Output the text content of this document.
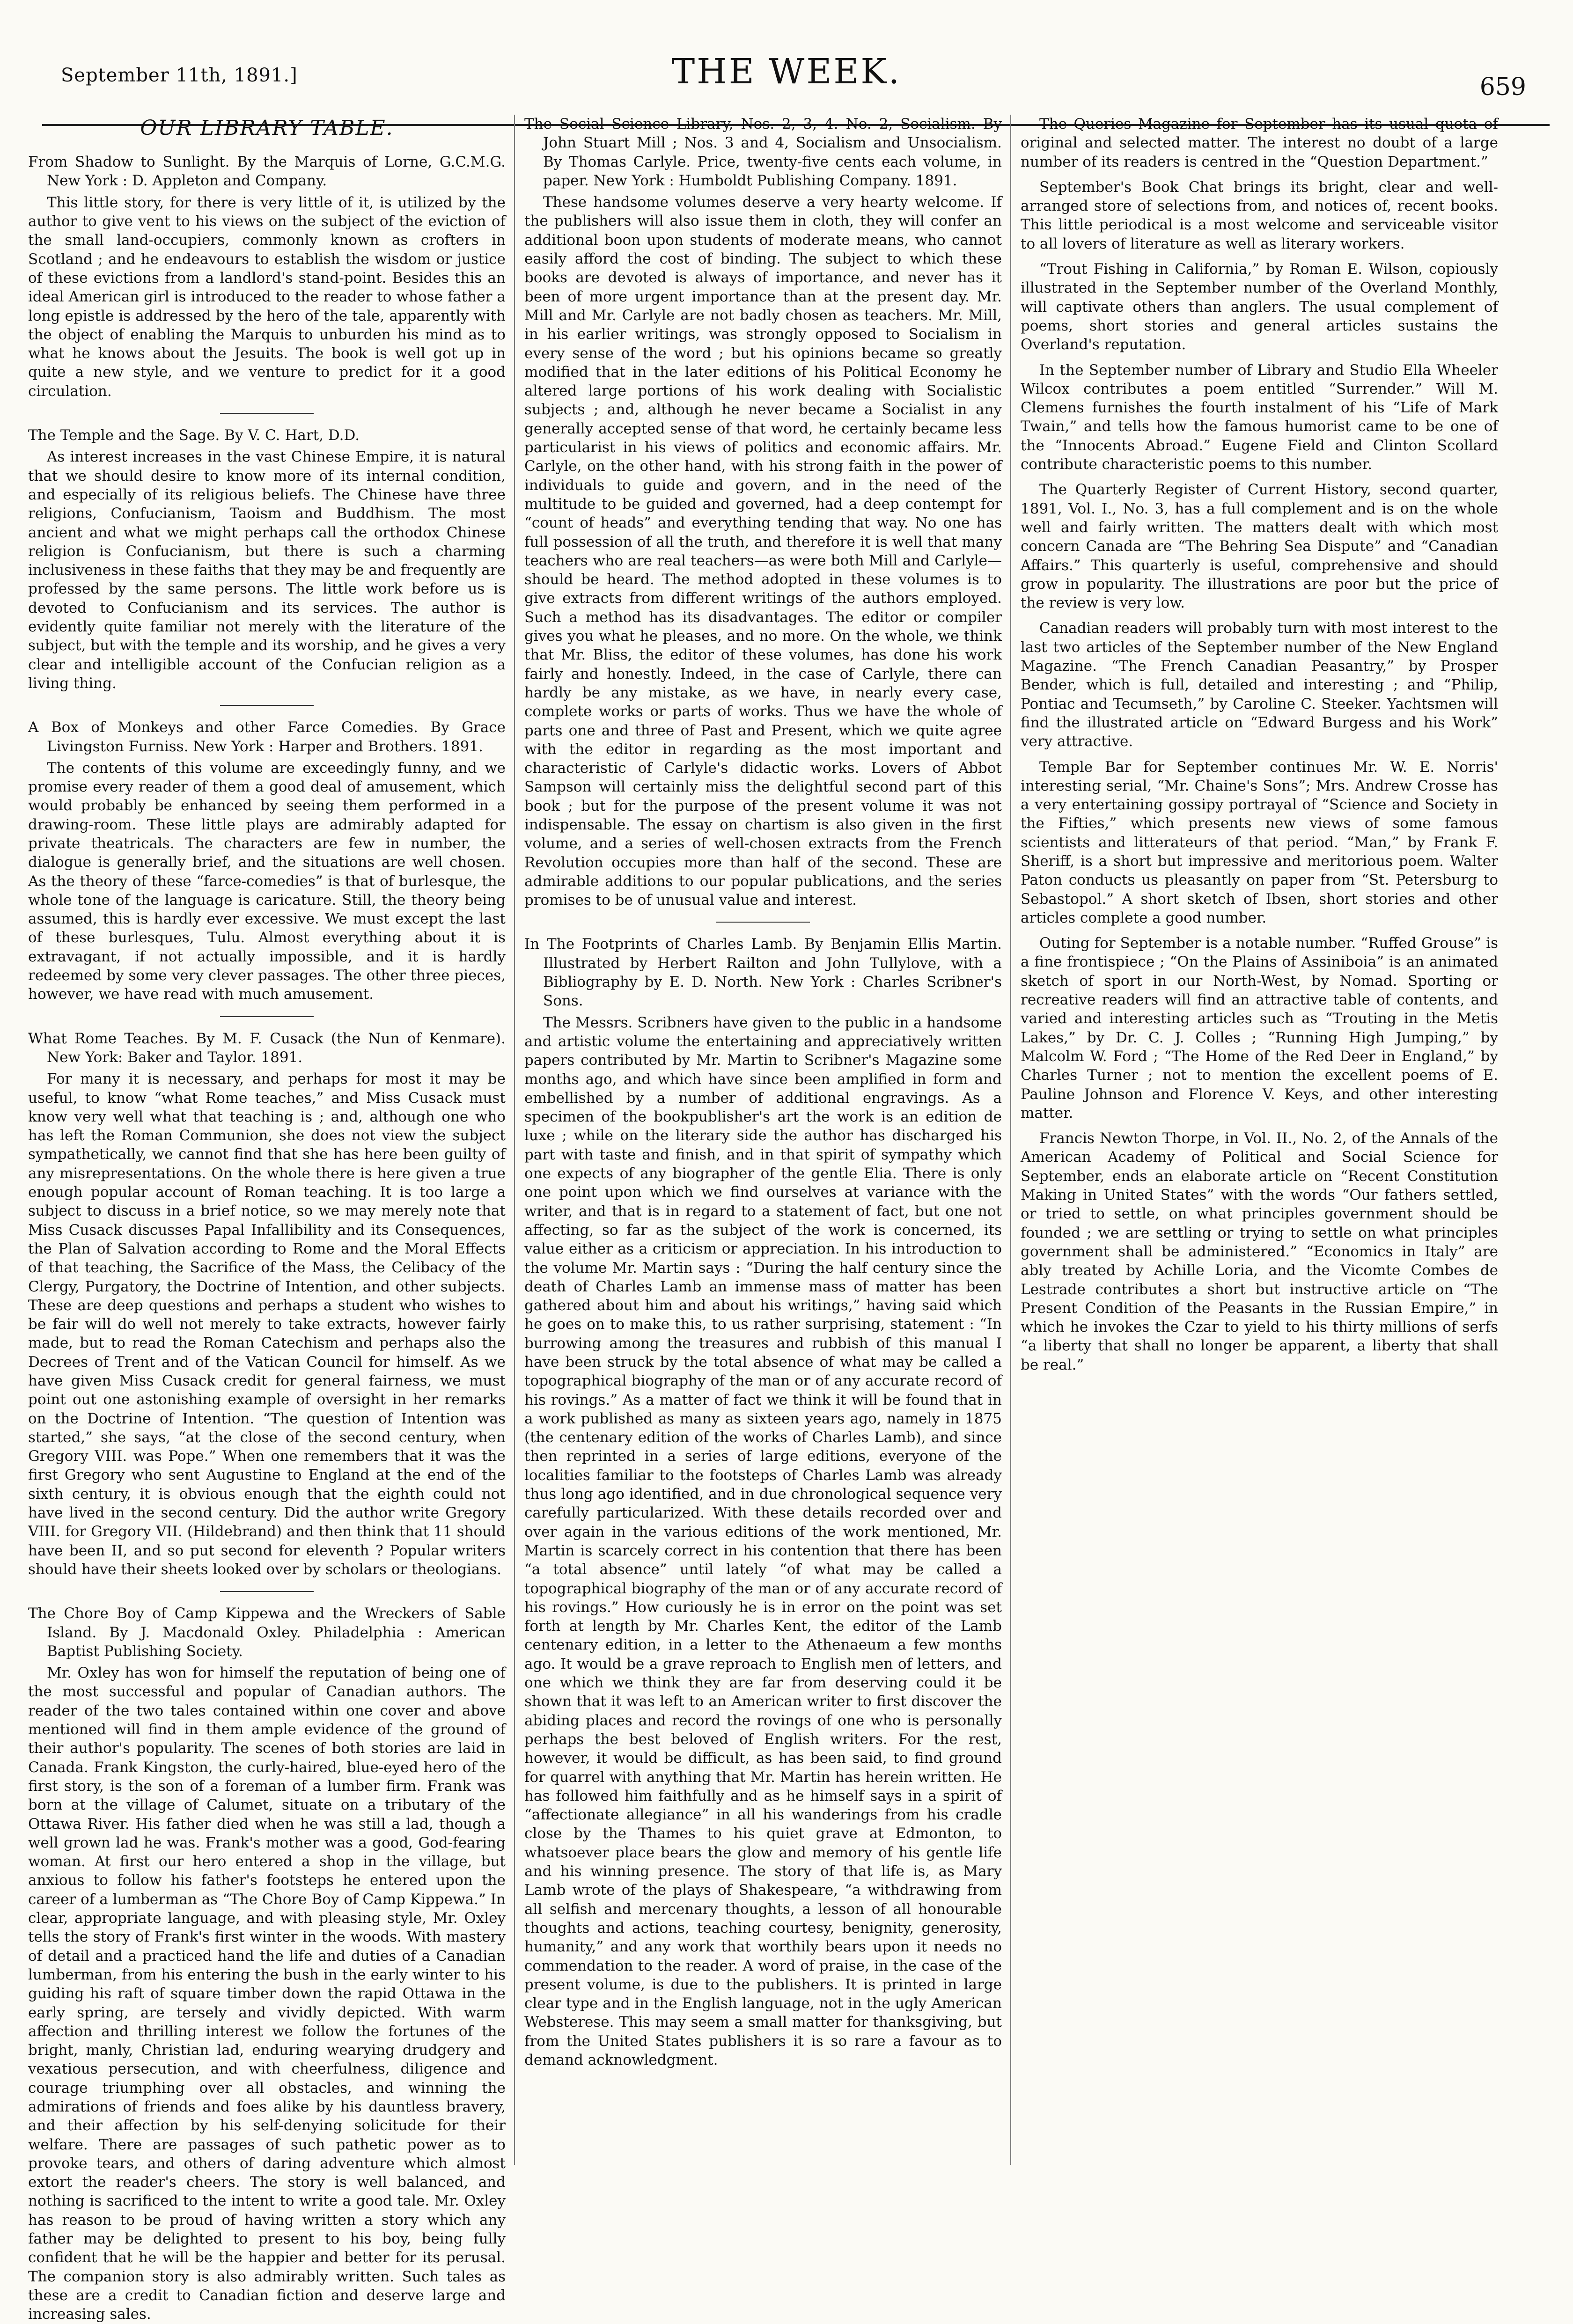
September 11th, 1891.]	THE WEEK.	659
OUR LIBRARY TABLE.

From Shadow to Sunlight. By the Marquis of Lorne, G.C.M.G. New York : D. Appleton and Company.

This little story, for there is very little of it, is utilized by the author to give vent to his views on the subject of the eviction of the small land-occupiers, commonly known as crofters in Scotland ; and he endeavours to establish the wisdom or justice of these evictions from a landlord's stand-point. Besides this an ideal American girl is introduced to the reader to whose father a long epistle is addressed by the hero of the tale, apparently with the object of enabling the Marquis to unburden his mind as to what he knows about the Jesuits. The book is well got up in quite a new style, and we venture to predict for it a good circulation.

The Temple and the Sage. By V. C. Hart, D.D.

As interest increases in the vast Chinese Empire, it is natural that we should desire to know more of its internal condition, and especially of its religious beliefs. The Chinese have three religions, Confucianism, Taoism and Buddhism. The most ancient and what we might perhaps call the orthodox Chinese religion is Confucianism, but there is such a charming inclusiveness in these faiths that they may be and frequently are professed by the same persons. The little work before us is devoted to Confucianism and its services. The author is evidently quite familiar not merely with the literature of the subject, but with the temple and its worship, and he gives a very clear and intelligible account of the Confucian religion as a living thing.

A Box of Monkeys and other Farce Comedies. By Grace Livingston Furniss. New York : Harper and Brothers. 1891.

The contents of this volume are exceedingly funny, and we promise every reader of them a good deal of amusement, which would probably be enhanced by seeing them performed in a drawing-room. These little plays are admirably adapted for private theatricals. The characters are few in number, the dialogue is generally brief, and the situations are well chosen. As the theory of these “farce-comedies” is that of burlesque, the whole tone of the language is caricature. Still, the theory being assumed, this is hardly ever excessive. We must except the last of these burlesques, Tulu. Almost everything about it is extravagant, if not actually impossible, and it is hardly redeemed by some very clever passages. The other three pieces, however, we have read with much amusement.

What Rome Teaches. By M. F. Cusack (the Nun of Kenmare). New York: Baker and Taylor. 1891.

For many it is necessary, and perhaps for most it may be useful, to know “what Rome teaches,” and Miss Cusack must know very well what that teaching is ; and, although one who has left the Roman Communion, she does not view the subject sympathetically, we cannot find that she has here been guilty of any misrepresentations. On the whole there is here given a true enough popular account of Roman teaching. It is too large a subject to discuss in a brief notice, so we may merely note that Miss Cusack discusses Papal Infallibility and its Consequences, the Plan of Salvation according to Rome and the Moral Effects of that teaching, the Sacrifice of the Mass, the Celibacy of the Clergy, Purgatory, the Doctrine of Intention, and other subjects. These are deep questions and perhaps a student who wishes to be fair will do well not merely to take extracts, however fairly made, but to read the Roman Catechism and perhaps also the Decrees of Trent and of the Vatican Council for himself. As we have given Miss Cusack credit for general fairness, we must point out one astonishing example of oversight in her remarks on the Doctrine of Intention. “The question of Intention was started,” she says, “at the close of the second century, when Gregory VIII. was Pope.” When one remembers that it was the first Gregory who sent Augustine to England at the end of the sixth century, it is obvious enough that the eighth could not have lived in the second century. Did the author write Gregory VIII. for Gregory VII. (Hildebrand) and then think that 11 should have been II, and so put second for eleventh ? Popular writers should have their sheets looked over by scholars or theologians.

The Chore Boy of Camp Kippewa and the Wreckers of Sable Island. By J. Macdonald Oxley. Philadelphia : American Baptist Publishing Society.

Mr. Oxley has won for himself the reputation of being one of the most successful and popular of Canadian authors. The reader of the two tales contained within one cover and above mentioned will find in them ample evidence of the ground of their author's popularity. The scenes of both stories are laid in Canada. Frank Kingston, the curly-haired, blue-eyed hero of the first story, is the son of a foreman of a lumber firm. Frank was born at the village of Calumet, situate on a tributary of the Ottawa River. His father died when he was still a lad, though a well grown lad he was. Frank's mother was a good, God-fearing woman. At first our hero entered a shop in the village, but anxious to follow his father's footsteps he entered upon the career of a lumberman as “The Chore Boy of Camp Kippewa.” In clear, appropriate language, and with pleasing style, Mr. Oxley tells the story of Frank's first winter in the woods. With mastery of detail and a practiced hand the life and duties of a Canadian lumberman, from his entering the bush in the early winter to his guiding his raft of square timber down the rapid Ottawa in the early spring, are tersely and vividly depicted. With warm affection and thrilling interest we follow the fortunes of the bright, manly, Christian lad, enduring wearying drudgery and vexatious persecution, and with cheerfulness, diligence and courage triumphing over all obstacles, and winning the admirations of friends and foes alike by his dauntless bravery, and their affection by his self-denying solicitude for their welfare. There are passages of such pathetic power as to provoke tears, and others of daring adventure which almost extort the reader's cheers. The story is well balanced, and nothing is sacrificed to the intent to write a good tale. Mr. Oxley has reason to be proud of having written a story which any father may be delighted to present to his boy, being fully confident that he will be the happier and better for its perusal. The companion story is also admirably written. Such tales as these are a credit to Canadian fiction and deserve large and increasing sales.

The Social Science Library, Nos. 2, 3, 4. No. 2, Socialism. By John Stuart Mill ; Nos. 3 and 4, Socialism and Unsocialism. By Thomas Carlyle. Price, twenty-five cents each volume, in paper. New York : Humboldt Publishing Company. 1891.

These handsome volumes deserve a very hearty welcome. If the publishers will also issue them in cloth, they will confer an additional boon upon students of moderate means, who cannot easily afford the cost of binding. The subject to which these books are devoted is always of importance, and never has it been of more urgent importance than at the present day. Mr. Mill and Mr. Carlyle are not badly chosen as teachers. Mr. Mill, in his earlier writings, was strongly opposed to Socialism in every sense of the word ; but his opinions became so greatly modified that in the later editions of his Political Economy he altered large portions of his work dealing with Socialistic subjects ; and, although he never became a Socialist in any generally accepted sense of that word, he certainly became less particularist in his views of politics and economic affairs. Mr. Carlyle, on the other hand, with his strong faith in the power of individuals to guide and govern, and in the need of the multitude to be guided and governed, had a deep contempt for “count of heads” and everything tending that way. No one has full possession of all the truth, and therefore it is well that many teachers who are real teachers—as were both Mill and Carlyle—should be heard. The method adopted in these volumes is to give extracts from different writings of the authors employed. Such a method has its disadvantages. The editor or compiler gives you what he pleases, and no more. On the whole, we think that Mr. Bliss, the editor of these volumes, has done his work fairly and honestly. Indeed, in the case of Carlyle, there can hardly be any mistake, as we have, in nearly every case, complete works or parts of works. Thus we have the whole of parts one and three of Past and Present, which we quite agree with the editor in regarding as the most important and characteristic of Carlyle's didactic works. Lovers of Abbot Sampson will certainly miss the delightful second part of this book ; but for the purpose of the present volume it was not indispensable. The essay on chartism is also given in the first volume, and a series of well-chosen extracts from the French Revolution occupies more than half of the second. These are admirable additions to our popular publications, and the series promises to be of unusual value and interest.

In The Footprints of Charles Lamb. By Benjamin Ellis Martin. Illustrated by Herbert Railton and John Tullylove, with a Bibliography by E. D. North. New York : Charles Scribner's Sons.

The Messrs. Scribners have given to the public in a handsome and artistic volume the entertaining and appreciatively written papers contributed by Mr. Martin to Scribner's Magazine some months ago, and which have since been amplified in form and embellished by a number of additional engravings. As a specimen of the bookpublisher's art the work is an edition de luxe ; while on the literary side the author has discharged his part with taste and finish, and in that spirit of sympathy which one expects of any biographer of the gentle Elia. There is only one point upon which we find ourselves at variance with the writer, and that is in regard to a statement of fact, but one not affecting, so far as the subject of the work is concerned, its value either as a criticism or appreciation. In his introduction to the volume Mr. Martin says : “During the half century since the death of Charles Lamb an immense mass of matter has been gathered about him and about his writings,” having said which he goes on to make this, to us rather surprising, statement : “In burrowing among the treasures and rubbish of this manual I have been struck by the total absence of what may be called a topographical biography of the man or of any accurate record of his rovings.” As a matter of fact we think it will be found that in a work published as many as sixteen years ago, namely in 1875 (the centenary edition of the works of Charles Lamb), and since then reprinted in a series of large editions, everyone of the localities familiar to the footsteps of Charles Lamb was already thus long ago identified, and in due chronological sequence very carefully particularized. With these details recorded over and over again in the various editions of the work mentioned, Mr. Martin is scarcely correct in his contention that there has been “a total absence” until lately “of what may be called a topographical biography of the man or of any accurate record of his rovings.” How curiously he is in error on the point was set forth at length by Mr. Charles Kent, the editor of the Lamb centenary edition, in a letter to the Athenaeum a few months ago. It would be a grave reproach to English men of letters, and one which we think they are far from deserving could it be shown that it was left to an American writer to first discover the abiding places and record the rovings of one who is personally perhaps the best beloved of English writers. For the rest, however, it would be difficult, as has been said, to find ground for quarrel with anything that Mr. Martin has herein written. He has followed him faithfully and as he himself says in a spirit of “affectionate allegiance” in all his wanderings from his cradle close by the Thames to his quiet grave at Edmonton, to whatsoever place bears the glow and memory of his gentle life and his winning presence. The story of that life is, as Mary Lamb wrote of the plays of Shakespeare, “a withdrawing from all selfish and mercenary thoughts, a lesson of all honourable thoughts and actions, teaching courtesy, benignity, generosity, humanity,” and any work that worthily bears upon it needs no commendation to the reader. A word of praise, in the case of the present volume, is due to the publishers. It is printed in large clear type and in the English language, not in the ugly American Websterese. This may seem a small matter for thanksgiving, but from the United States publishers it is so rare a favour as to demand acknowledgment.

The Queries Magazine for September has its usual quota of original and selected matter. The interest no doubt of a large number of its readers is centred in the “Question Department.”

September's Book Chat brings its bright, clear and well-arranged store of selections from, and notices of, recent books. This little periodical is a most welcome and serviceable visitor to all lovers of literature as well as literary workers.

“Trout Fishing in California,” by Roman E. Wilson, copiously illustrated in the September number of the Overland Monthly, will captivate others than anglers. The usual complement of poems, short stories and general articles sustains the Overland's reputation.

In the September number of Library and Studio Ella Wheeler Wilcox contributes a poem entitled “Surrender.” Will M. Clemens furnishes the fourth instalment of his “Life of Mark Twain,” and tells how the famous humorist came to be one of the “Innocents Abroad.” Eugene Field and Clinton Scollard contribute characteristic poems to this number.

The Quarterly Register of Current History, second quarter, 1891, Vol. I., No. 3, has a full complement and is on the whole well and fairly written. The matters dealt with which most concern Canada are “The Behring Sea Dispute” and “Canadian Affairs.” This quarterly is useful, comprehensive and should grow in popularity. The illustrations are poor but the price of the review is very low.

Canadian readers will probably turn with most interest to the last two articles of the September number of the New England Magazine. “The French Canadian Peasantry,” by Prosper Bender, which is full, detailed and interesting ; and “Philip, Pontiac and Tecumseth,” by Caroline C. Steeker. Yachtsmen will find the illustrated article on “Edward Burgess and his Work” very attractive.

Temple Bar for September continues Mr. W. E. Norris' interesting serial, “Mr. Chaine's Sons”; Mrs. Andrew Crosse has a very entertaining gossipy portrayal of “Science and Society in the Fifties,” which presents new views of some famous scientists and litterateurs of that period. “Man,” by Frank F. Sheriff, is a short but impressive and meritorious poem. Walter Paton conducts us pleasantly on paper from “St. Petersburg to Sebastopol.” A short sketch of Ibsen, short stories and other articles complete a good number.

Outing for September is a notable number. “Ruffed Grouse” is a fine frontispiece ; “On the Plains of Assiniboia” is an animated sketch of sport in our North-West, by Nomad. Sporting or recreative readers will find an attractive table of contents, and varied and interesting articles such as “Trouting in the Metis Lakes,” by Dr. C. J. Colles ; “Running High Jumping,” by Malcolm W. Ford ; “The Home of the Red Deer in England,” by Charles Turner ; not to mention the excellent poems of E. Pauline Johnson and Florence V. Keys, and other interesting matter.

Francis Newton Thorpe, in Vol. II., No. 2, of the Annals of the American Academy of Political and Social Science for September, ends an elaborate article on “Recent Constitution Making in United States” with the words “Our fathers settled, or tried to settle, on what principles government should be founded ; we are settling or trying to settle on what principles government shall be administered.” “Economics in Italy” are ably treated by Achille Loria, and the Vicomte Combes de Lestrade contributes a short but instructive article on “The Present Condition of the Peasants in the Russian Empire,” in which he invokes the Czar to yield to his thirty millions of serfs “a liberty that shall no longer be apparent, a liberty that shall be real.”
